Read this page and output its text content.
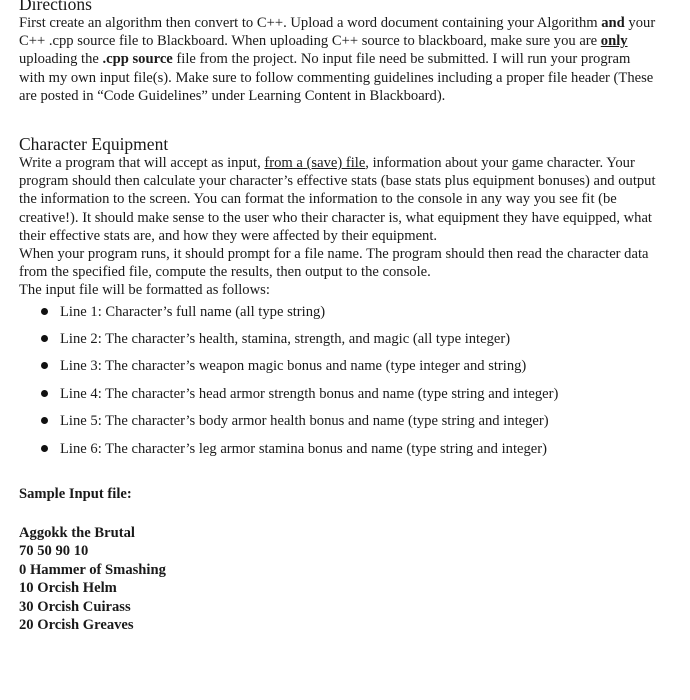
Directions

First create an algorithm then convert to C++. Upload a word document containing your Algorithm and your C++ .cpp source file to Blackboard. When uploading C++ source to blackboard, make sure you are only uploading the .cpp source file from the project. No input file need be submitted. I will run your program with my own input file(s). Make sure to follow commenting guidelines including a proper file header (These are posted in “Code Guidelines” under Learning Content in Blackboard).

Character Equipment

Write a program that will accept as input, from a (save) file, information about your game character. Your program should then calculate your character’s effective stats (base stats plus equipment bonuses) and output the information to the screen. You can format the information to the console in any way you see fit (be creative!). It should make sense to the user who their character is, what equipment they have equipped, what their effective stats are, and how they were affected by their equipment.

When your program runs, it should prompt for a file name. The program should then read the character data from the specified file, compute the results, then output to the console.

The input file will be formatted as follows:

Line 1: Character’s full name (all type string)
Line 2: The character’s health, stamina, strength, and magic (all type integer)
Line 3: The character’s weapon magic bonus and name (type integer and string)
Line 4: The character’s head armor strength bonus and name (type string and integer)
Line 5: The character’s body armor health bonus and name (type string and integer)
Line 6: The character’s leg armor stamina bonus and name (type string and integer)

Sample Input file:

Aggokk the Brutal
70 50 90 10
0 Hammer of Smashing
10 Orcish Helm
30 Orcish Cuirass
20 Orcish Greaves
